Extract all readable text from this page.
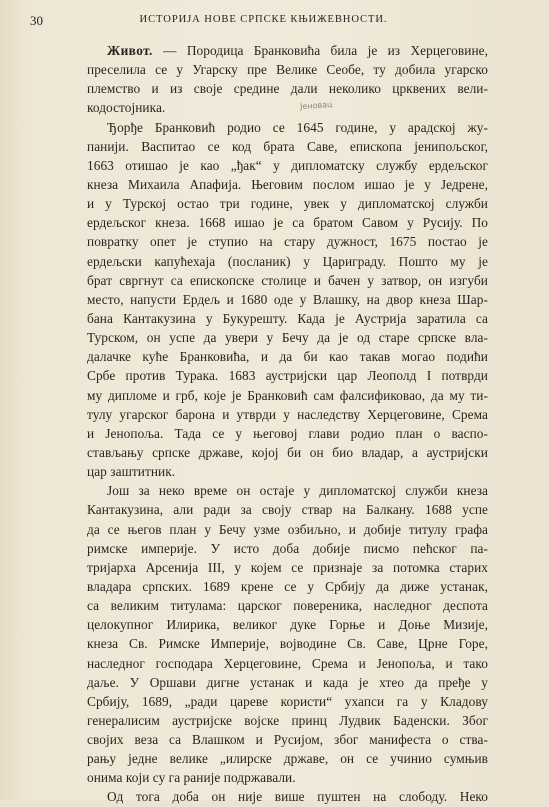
30	ИСТОРИЈА НОВЕ СРПСКЕ КЊИЖЕВНОСТИ.
Јеновац
Живот. — Породица Бранковића била је из Херцеговине,
преселила се у Угарску пре Велике Сеобе, ту добила угарско
племство и из своје средине дали неколико црквених вели-
кодостојника.
Ђорђе Бранковић родио се 1645 године, у арадској жу-
панији. Васпитао се код брата Саве, епископа јенипољског,
1663 отишао је као „ђак“ у дипломатску службу ердељског
кнеза Михаила Апафија. Његовим послом ишао је у Једрене,
и у Турској остао три године, увек у дипломатској служби
ердељског кнеза. 1668 ишао је са братом Савом у Русију. По
повратку опет је ступио на стару дужност, 1675 постао је
ердељски капућехаја (посланик) у Цариграду. Пошто му је
брат свргнут са епископске столице и бачен у затвор, он изгуби
место, напусти Ердељ и 1680 оде у Влашку, на двор кнеза Шар-
бана Кантакузина у Букурешту. Када је Аустрија заратила са
Турском, он успе да увери у Бечу да је од старе српске вла-
далачке куће Бранковића, и да би као такав могао подићи
Србе против Турака. 1683 аустријски цар Леополд I потврди
му дипломе и грб, које је Бранковић сам фалсификовао, да му ти-
тулу угарског барона и утврди у наследству Херцеговине, Срема
и Јенопоља. Тада се у његовој глави родио план о васпо-
стављању српске државе, којој би он био владар, а аустријски
цар заштитник.
Још за неко време он остаје у дипломатској служби кнеза
Кантакузина, али ради за своју ствар на Балкану. 1688 успе
да се његов план у Бечу узме озбиљно, и добије титулу графа
римске империје. У исто доба добије писмо пећског па-
тријарха Арсенија III, у којем се признаје за потомка старих
владара српских. 1689 крене се у Србију да диже устанак,
са великим титулама: царског повереника, наследног деспота
целокупног Илирика, великог дуке Горње и Доње Мизије,
кнеза Св. Римске Империје, војводине Св. Саве, Црне Горе,
наследног господара Херцеговине, Срема и Јенопоља, и тако
даље. У Оршави дигне устанак и када је хтео да пређе у
Србију, 1689, „ради цареве користи“ ухапси га у Кладову
генералисим аустријске војске принц Лудвик Баденски. Због
својих веза са Влашком и Русијом, због манифеста о ства-
рању једне велике „илирске државе, он се учинио сумњив
онима који су га раније подржавали.
Од тога доба он није више пуштен на слободу. Неко
